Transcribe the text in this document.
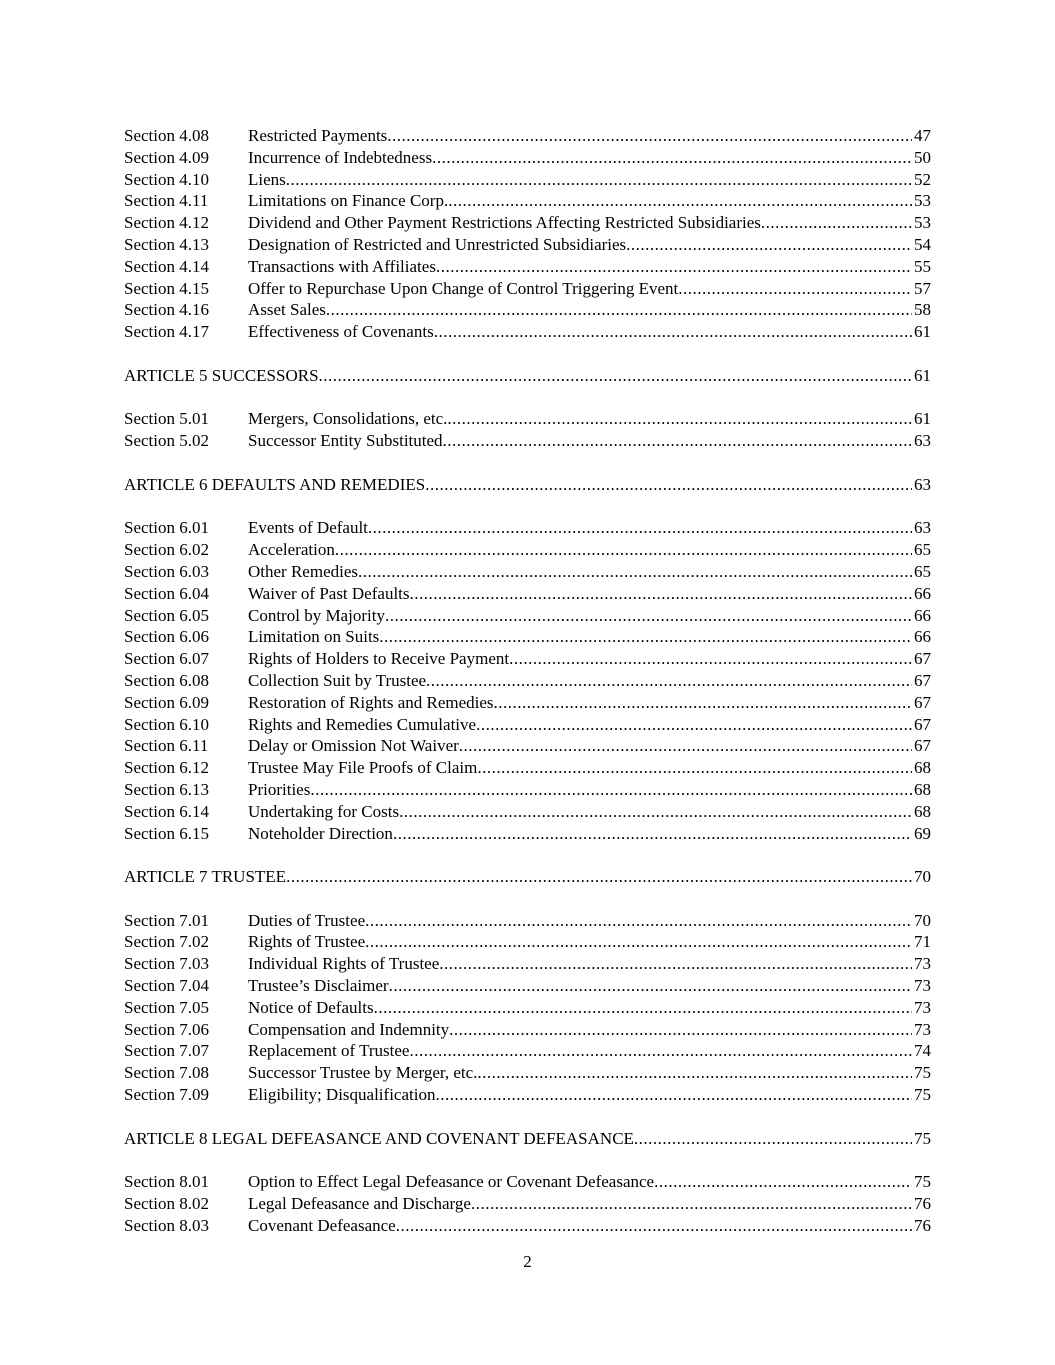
Section 4.08	Restricted Payments .....	47
Section 4.09	Incurrence of Indebtedness .....	50
Section 4.10	Liens .....	52
Section 4.11	Limitations on Finance Corp. .....	53
Section 4.12	Dividend and Other Payment Restrictions Affecting Restricted Subsidiaries .....	53
Section 4.13	Designation of Restricted and Unrestricted Subsidiaries .....	54
Section 4.14	Transactions with Affiliates .....	55
Section 4.15	Offer to Repurchase Upon Change of Control Triggering Event .....	57
Section 4.16	Asset Sales .....	58
Section 4.17	Effectiveness of Covenants .....	61
ARTICLE 5 SUCCESSORS .....	61
Section 5.01	Mergers, Consolidations, etc. .....	61
Section 5.02	Successor Entity Substituted .....	63
ARTICLE 6 DEFAULTS AND REMEDIES .....	63
Section 6.01	Events of Default .....	63
Section 6.02	Acceleration .....	65
Section 6.03	Other Remedies .....	65
Section 6.04	Waiver of Past Defaults .....	66
Section 6.05	Control by Majority .....	66
Section 6.06	Limitation on Suits .....	66
Section 6.07	Rights of Holders to Receive Payment .....	67
Section 6.08	Collection Suit by Trustee .....	67
Section 6.09	Restoration of Rights and Remedies .....	67
Section 6.10	Rights and Remedies Cumulative .....	67
Section 6.11	Delay or Omission Not Waiver .....	67
Section 6.12	Trustee May File Proofs of Claim .....	68
Section 6.13	Priorities .....	68
Section 6.14	Undertaking for Costs .....	68
Section 6.15	Noteholder Direction .....	69
ARTICLE 7 TRUSTEE .....	70
Section 7.01	Duties of Trustee .....	70
Section 7.02	Rights of Trustee .....	71
Section 7.03	Individual Rights of Trustee .....	73
Section 7.04	Trustee’s Disclaimer .....	73
Section 7.05	Notice of Defaults .....	73
Section 7.06	Compensation and Indemnity .....	73
Section 7.07	Replacement of Trustee .....	74
Section 7.08	Successor Trustee by Merger, etc. .....	75
Section 7.09	Eligibility; Disqualification .....	75
ARTICLE 8 LEGAL DEFEASANCE AND COVENANT DEFEASANCE .....	75
Section 8.01	Option to Effect Legal Defeasance or Covenant Defeasance .....	75
Section 8.02	Legal Defeasance and Discharge .....	76
Section 8.03	Covenant Defeasance .....	76
2
